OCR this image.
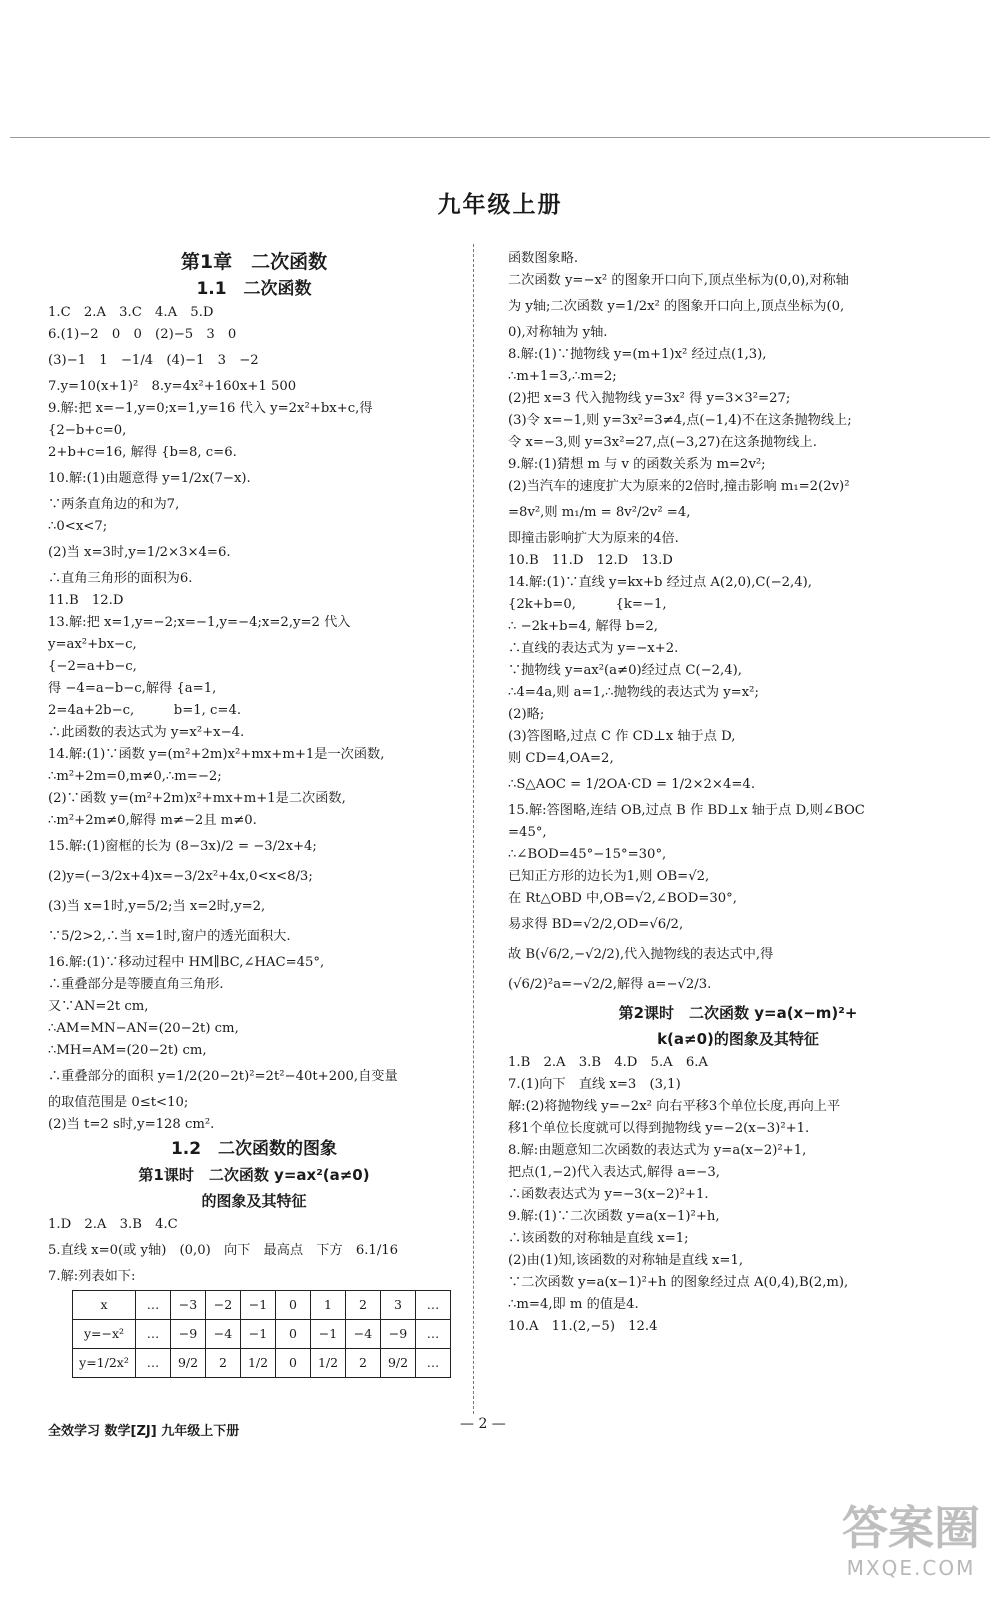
九年级上册
第1章　二次函数
1.1　二次函数
1.C　2.A　3.C　4.A　5.D
6.(1)−2　0　0　(2)−5　3　0
(3)−1　1　−1/4　(4)−1　3　−2
7.y=10(x+1)²　8.y=4x²+160x+1 500
9.解:把 x=−1,y=0;x=1,y=16 代入 y=2x²+bx+c,得
{2−b+c=0,
2+b+c=16, 解得 {b=8, c=6.
10.解:(1)由题意得 y=1/2x(7−x).
∵两条直角边的和为7,
∴0<x<7;
(2)当 x=3时,y=1/2×3×4=6.
∴直角三角形的面积为6.
11.B　12.D
13.解:把 x=1,y=−2;x=−1,y=−4;x=2,y=2 代入
y=ax²+bx−c,
{−2=a+b−c,
得 −4=a−b−c,解得 {a=1,
2=4a+2b−c,　　　b=1, c=4.
∴此函数的表达式为 y=x²+x−4.
14.解:(1)∵函数 y=(m²+2m)x²+mx+m+1是一次函数,
∴m²+2m=0,m≠0,∴m=−2;
(2)∵函数 y=(m²+2m)x²+mx+m+1是二次函数,
∴m²+2m≠0,解得 m≠−2且 m≠0.
15.解:(1)窗框的长为 (8−3x)/2 = −3/2x+4;
(2)y=(−3/2x+4)x=−3/2x²+4x,0<x<8/3;
(3)当 x=1时,y=5/2;当 x=2时,y=2,
∵5/2>2,∴当 x=1时,窗户的透光面积大.
16.解:(1)∵移动过程中 HM∥BC,∠HAC=45°,
∴重叠部分是等腰直角三角形.
又∵AN=2t cm,
∴AM=MN−AN=(20−2t) cm,
∴MH=AM=(20−2t) cm,
∴重叠部分的面积 y=1/2(20−2t)²=2t²−40t+200,自变量
的取值范围是 0≤t<10;
(2)当 t=2 s时,y=128 cm².
1.2　二次函数的图象
第1课时　二次函数 y=ax²(a≠0)
的图象及其特征
1.D　2.A　3.B　4.C
5.直线 x=0(或 y轴)　(0,0)　向下　最高点　下方　6.1/16
7.解:列表如下:
x	…	−3	−2	−1	0	1	2	3	…
y=−x²	…	−9	−4	−1	0	−1	−4	−9	…
y=1/2x²	…	9/2	2	1/2	0	1/2	2	9/2	…
函数图象略.
二次函数 y=−x² 的图象开口向下,顶点坐标为(0,0),对称轴
为 y轴;二次函数 y=1/2x² 的图象开口向上,顶点坐标为(0,
0),对称轴为 y轴.
8.解:(1)∵抛物线 y=(m+1)x² 经过点(1,3),
∴m+1=3,∴m=2;
(2)把 x=3 代入抛物线 y=3x² 得 y=3×3²=27;
(3)令 x=−1,则 y=3x²=3≠4,点(−1,4)不在这条抛物线上;
令 x=−3,则 y=3x²=27,点(−3,27)在这条抛物线上.
9.解:(1)猜想 m 与 v 的函数关系为 m=2v²;
(2)当汽车的速度扩大为原来的2倍时,撞击影响 m₁=2(2v)²
=8v²,则 m₁/m = 8v²/2v² =4,
即撞击影响扩大为原来的4倍.
10.B　11.D　12.D　13.D
14.解:(1)∵直线 y=kx+b 经过点 A(2,0),C(−2,4),
{2k+b=0,　　　{k=−1,
∴ −2k+b=4, 解得 b=2,
∴直线的表达式为 y=−x+2.
∵抛物线 y=ax²(a≠0)经过点 C(−2,4),
∴4=4a,则 a=1,∴抛物线的表达式为 y=x²;
(2)略;
(3)答图略,过点 C 作 CD⊥x 轴于点 D,
则 CD=4,OA=2,
∴S△AOC = 1/2OA·CD = 1/2×2×4=4.
15.解:答图略,连结 OB,过点 B 作 BD⊥x 轴于点 D,则∠BOC
=45°,
∴∠BOD=45°−15°=30°,
已知正方形的边长为1,则 OB=√2,
在 Rt△OBD 中,OB=√2,∠BOD=30°,
易求得 BD=√2/2,OD=√6/2,
故 B(√6/2,−√2/2),代入抛物线的表达式中,得
(√6/2)²a=−√2/2,解得 a=−√2/3.
第2课时　二次函数 y=a(x−m)²+
k(a≠0)的图象及其特征
1.B　2.A　3.B　4.D　5.A　6.A
7.(1)向下　直线 x=3　(3,1)
解:(2)将抛物线 y=−2x² 向右平移3个单位长度,再向上平
移1个单位长度就可以得到抛物线 y=−2(x−3)²+1.
8.解:由题意知二次函数的表达式为 y=a(x−2)²+1,
把点(1,−2)代入表达式,解得 a=−3,
∴函数表达式为 y=−3(x−2)²+1.
9.解:(1)∵二次函数 y=a(x−1)²+h,
∴该函数的对称轴是直线 x=1;
(2)由(1)知,该函数的对称轴是直线 x=1,
∵二次函数 y=a(x−1)²+h 的图象经过点 A(0,4),B(2,m),
∴m=4,即 m 的值是4.
10.A　11.(2,−5)　12.4
全效学习 数学[ZJ] 九年级上下册	— 2 —
答案圈
MXQE.COM
